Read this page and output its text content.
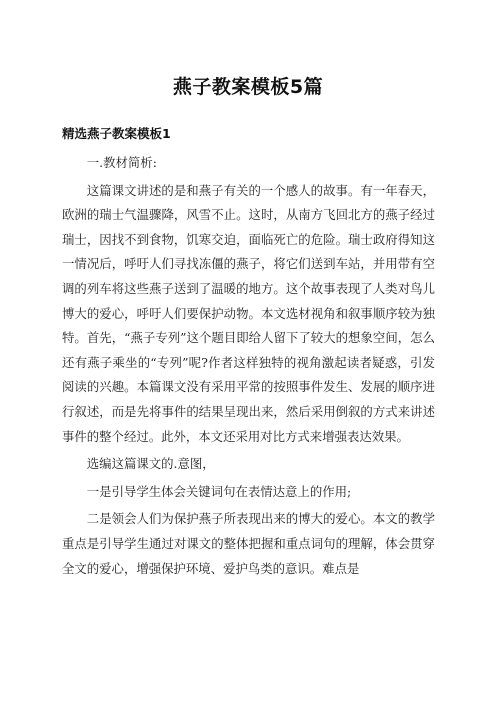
燕子教案模板5篇
精选燕子教案模板1

一.教材简析:

这篇课文讲述的是和燕子有关的一个感人的故事。有一年春天，欧洲的瑞士气温骤降，风雪不止。这时，从南方飞回北方的燕子经过瑞士，因找不到食物，饥寒交迫，面临死亡的危险。瑞士政府得知这一情况后，呼吁人们寻找冻僵的燕子，将它们送到车站，并用带有空调的列车将这些燕子送到了温暖的地方。这个故事表现了人类对鸟儿博大的爱心，呼吁人们要保护动物。本文选材视角和叙事顺序较为独特。首先，“燕子专列”这个题目即给人留下了较大的想象空间，怎么还有燕子乘坐的“专列”呢?作者这样独特的视角激起读者疑惑，引发阅读的兴趣。本篇课文没有采用平常的按照事件发生、发展的顺序进行叙述，而是先将事件的结果呈现出来，然后采用倒叙的方式来讲述事件的整个经过。此外，本文还采用对比方式来增强表达效果。

选编这篇课文的.意图，

一是引导学生体会关键词句在表情达意上的作用;

二是领会人们为保护燕子所表现出来的博大的爱心。本文的教学重点是引导学生通过对课文的整体把握和重点词句的理解，体会贯穿全文的爱心，增强保护环境、爱护鸟类的意识。难点是
